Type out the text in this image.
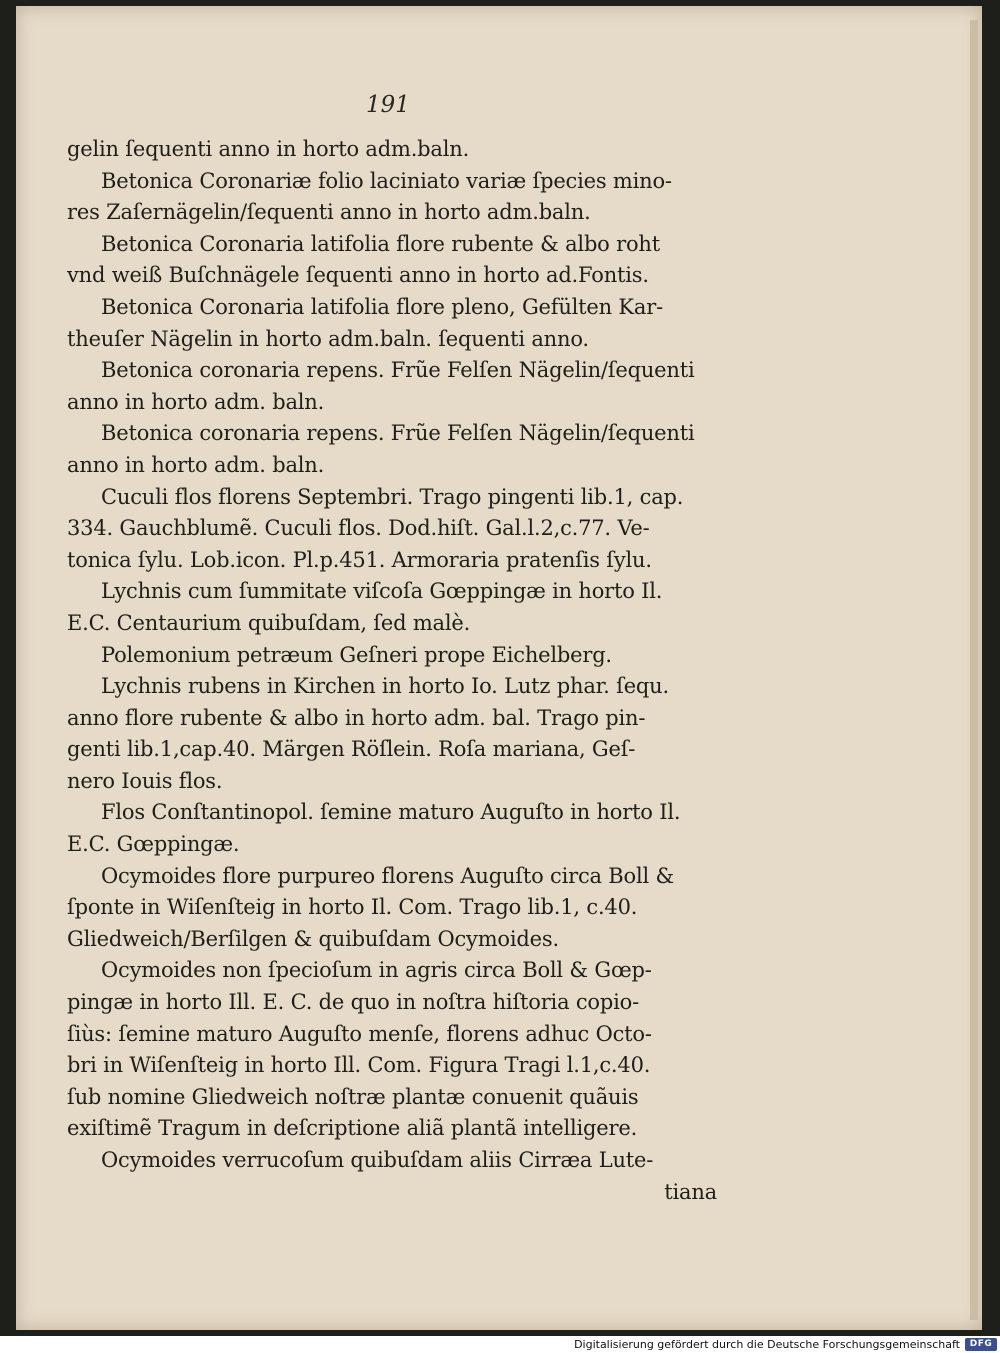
191
gelin ſequenti anno in horto adm.baln.
Betonica Coronariæ folio laciniato variæ ſpecies mino-
res Zaſernägelin/ſequenti anno in horto adm.baln.
Betonica Coronaria latifolia flore rubente & albo roht
vnd weiß Buſchnägele ſequenti anno in horto ad.Fontis.
Betonica Coronaria latifolia flore pleno, Gefülten Kar-
theuſer Nägelin in horto adm.baln. ſequenti anno.
Betonica coronaria repens. Frũe Felſen Nägelin/ſequenti
anno in horto adm. baln.
Betonica coronaria repens. Frũe Felſen Nägelin/ſequenti
anno in horto adm. baln.
Cuculi flos florens Septembri. Trago pingenti lib.1, cap.
334. Gauchblumẽ. Cuculi flos. Dod.hiſt. Gal.l.2,c.77. Ve-
tonica ſylu. Lob.icon. Pl.p.451. Armoraria pratenſis ſylu.
Lychnis cum ſummitate viſcoſa Gœppingæ in horto Il.
E.C. Centaurium quibuſdam, ſed malè.
Polemonium petræum Geſneri prope Eichelberg.
Lychnis rubens in Kirchen in horto Io. Lutz phar. ſequ.
anno flore rubente & albo in horto adm. bal. Trago pin-
genti lib.1,cap.40. Märgen Röſlein. Roſa mariana, Geſ-
nero Iouis flos.
Flos Conſtantinopol. ſemine maturo Auguſto in horto Il.
E.C. Gœppingæ.
Ocymoides flore purpureo florens Auguſto circa Boll &
ſponte in Wiſenſteig in horto Il. Com. Trago lib.1, c.40.
Gliedweich/Berſilgen & quibuſdam Ocymoides.
Ocymoides non ſpecioſum in agris circa Boll & Gœp-
pingæ in horto Ill. E. C. de quo in noſtra hiſtoria copio-
ſiùs: ſemine maturo Auguſto menſe, florens adhuc Octo-
bri in Wiſenſteig in horto Ill. Com. Figura Tragi l.1,c.40.
ſub nomine Gliedweich noſtræ plantæ conuenit quãuis
exiſtimẽ Tragum in deſcriptione aliã plantã intelligere.
Ocymoides verrucoſum quibuſdam aliis Cirræa Lute-
tiana
Digitalisierung gefördert durch die Deutsche Forschungsgemeinschaft	DFG
